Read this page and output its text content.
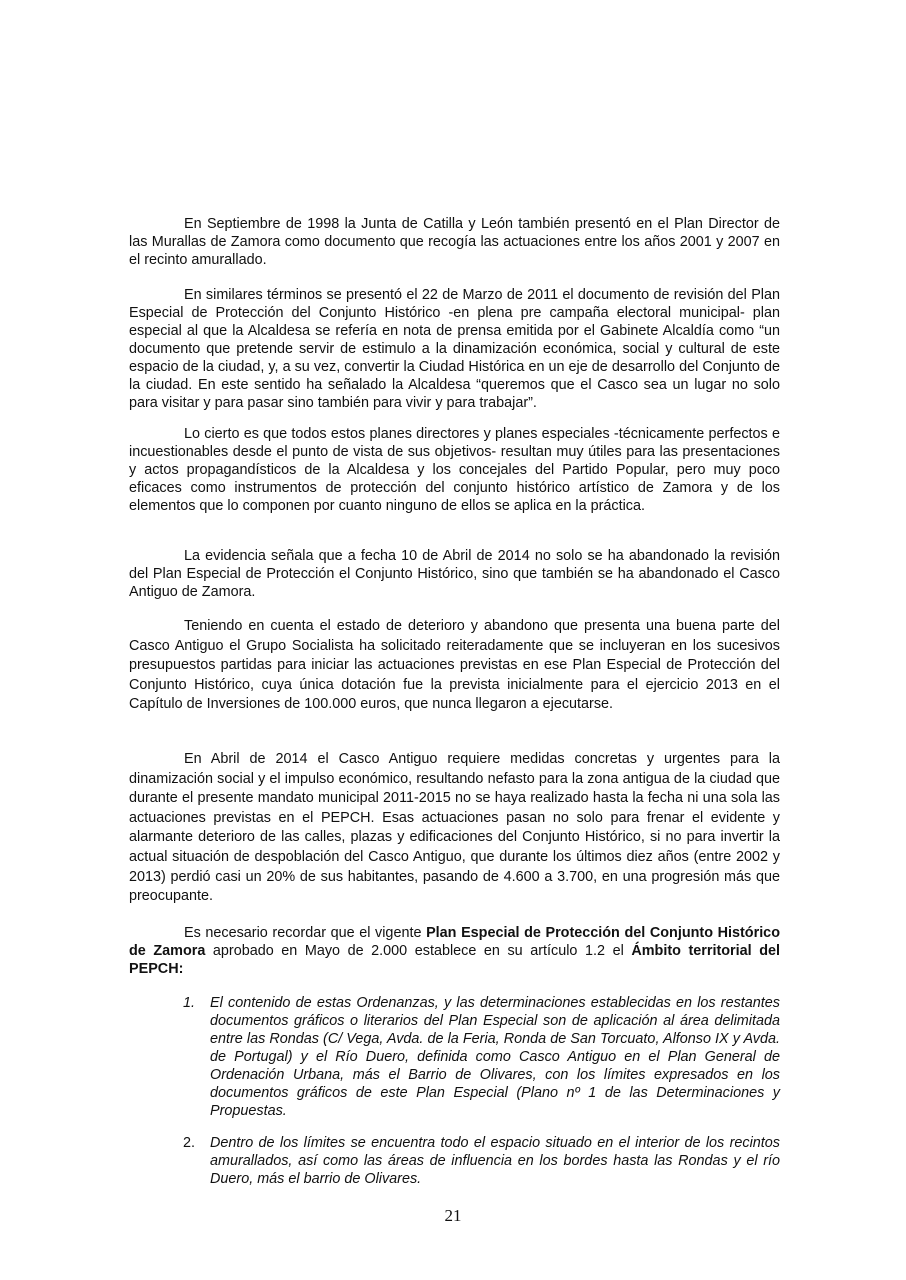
En Septiembre de 1998 la Junta de Catilla y León también presentó en el Plan Director de las Murallas de Zamora como documento que recogía las actuaciones entre los años 2001 y 2007 en el recinto amurallado.

En similares términos se presentó el 22 de Marzo de 2011 el documento de revisión del Plan Especial de Protección del Conjunto Histórico -en plena pre campaña electoral municipal- plan especial al que la Alcaldesa se refería en nota de prensa emitida por el Gabinete Alcaldía como “un documento que pretende servir de estimulo a la dinamización económica, social y cultural de este espacio de la ciudad, y, a su vez, convertir la Ciudad Histórica en un eje de desarrollo del Conjunto de la ciudad. En este sentido ha señalado la Alcaldesa “queremos que el Casco sea un lugar no solo para visitar y para pasar sino también para vivir y para trabajar”.

Lo cierto es que todos estos planes directores y planes especiales -técnicamente perfectos e incuestionables desde el punto de vista de sus objetivos- resultan muy útiles para las presentaciones y actos propagandísticos de la Alcaldesa y los concejales del Partido Popular, pero muy poco eficaces como instrumentos de protección del conjunto histórico artístico de Zamora y de los elementos que lo componen por cuanto ninguno de ellos se aplica en la práctica.

La evidencia señala que a fecha 10 de Abril de 2014 no solo se ha abandonado la revisión del Plan Especial de Protección el Conjunto Histórico, sino que también se ha abandonado el Casco Antiguo de Zamora.

Teniendo en cuenta el estado de deterioro y abandono que presenta una buena parte del Casco Antiguo el Grupo Socialista ha solicitado reiteradamente que se incluyeran en los sucesivos presupuestos partidas para iniciar las actuaciones previstas en ese Plan Especial de Protección del Conjunto Histórico, cuya única dotación fue la prevista inicialmente para el ejercicio 2013 en el Capítulo de Inversiones de 100.000 euros, que nunca llegaron a ejecutarse.

En Abril de 2014 el Casco Antiguo requiere medidas concretas y urgentes para la dinamización social y el impulso económico, resultando nefasto para la zona antigua de la ciudad que durante el presente mandato municipal 2011-2015 no se haya realizado hasta la fecha ni una sola las actuaciones previstas en el PEPCH. Esas actuaciones pasan no solo para frenar el evidente y alarmante deterioro de las calles, plazas y edificaciones del Conjunto Histórico, si no para invertir la actual situación de despoblación del Casco Antiguo, que durante los últimos diez años (entre 2002 y 2013) perdió casi un 20% de sus habitantes, pasando de 4.600 a 3.700, en una progresión más que preocupante.

Es necesario recordar que el vigente Plan Especial de Protección del Conjunto Histórico de Zamora aprobado en Mayo de 2.000 establece en su artículo 1.2 el Ámbito territorial del PEPCH:

1. El contenido de estas Ordenanzas, y las determinaciones establecidas en los restantes documentos gráficos o literarios del Plan Especial son de aplicación al área delimitada entre las Rondas (C/ Vega, Avda. de la Feria, Ronda de San Torcuato, Alfonso IX y Avda. de Portugal) y el Río Duero, definida como Casco Antiguo en el Plan General de Ordenación Urbana, más el Barrio de Olivares, con los límites expresados en los documentos gráficos de este Plan Especial (Plano nº 1 de las Determinaciones y Propuestas.
2. Dentro de los límites se encuentra todo el espacio situado en el interior de los recintos amurallados, así como las áreas de influencia en los bordes hasta las Rondas y el río Duero, más el barrio de Olivares.
21
